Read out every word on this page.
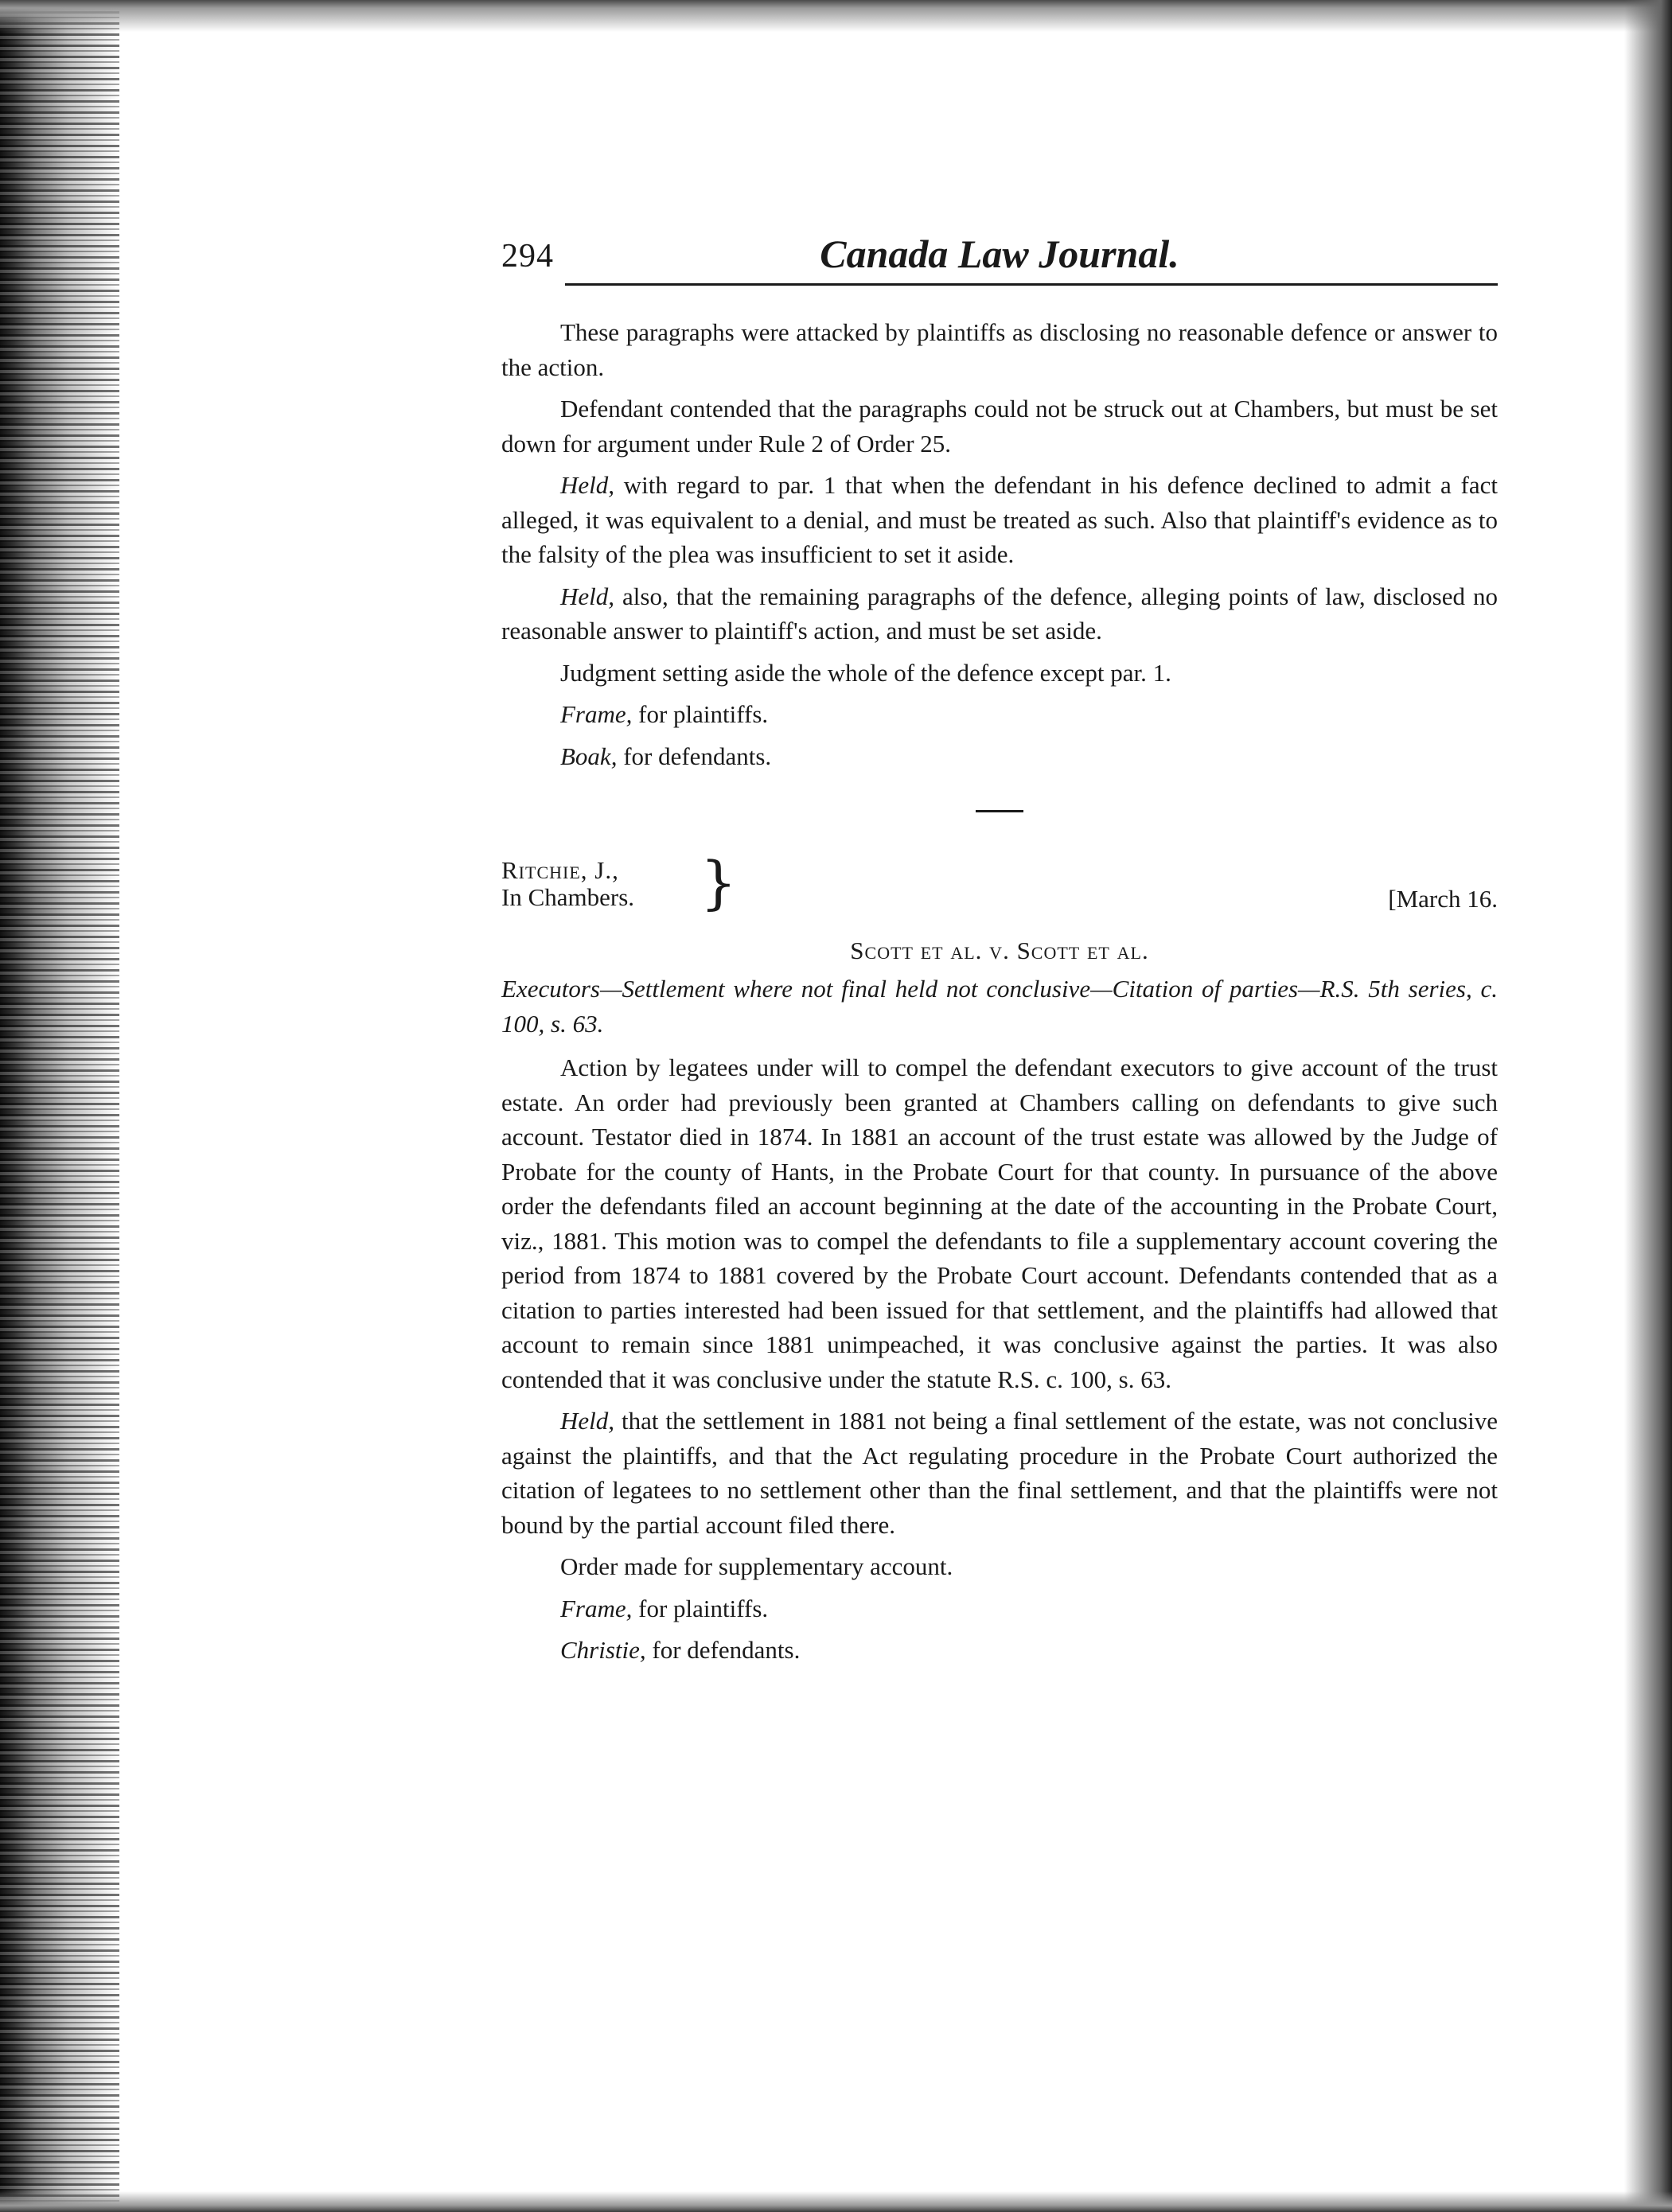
294	Canada Law Journal.

These paragraphs were attacked by plaintiffs as disclosing no reasonable defence or answer to the action.

Defendant contended that the paragraphs could not be struck out at Chambers, but must be set down for argument under Rule 2 of Order 25.

Held, with regard to par. 1 that when the defendant in his defence declined to admit a fact alleged, it was equivalent to a denial, and must be treated as such. Also that plaintiff's evidence as to the falsity of the plea was insufficient to set it aside.

Held, also, that the remaining paragraphs of the defence, alleging points of law, disclosed no reasonable answer to plaintiff's action, and must be set aside.

Judgment setting aside the whole of the defence except par. 1.

Frame, for plaintiffs.

Boak, for defendants.

Ritchie, J.,
In Chambers. }	[March 16.
Scott et al. v. Scott et al.
Executors—Settlement where not final held not conclusive—Citation of parties—R.S. 5th series, c. 100, s. 63.

Action by legatees under will to compel the defendant executors to give account of the trust estate. An order had previously been granted at Chambers calling on defendants to give such account. Testator died in 1874. In 1881 an account of the trust estate was allowed by the Judge of Probate for the county of Hants, in the Probate Court for that county. In pursuance of the above order the defendants filed an account beginning at the date of the accounting in the Probate Court, viz., 1881. This motion was to compel the defendants to file a supplementary account covering the period from 1874 to 1881 covered by the Probate Court account. Defendants contended that as a citation to parties interested had been issued for that settlement, and the plaintiffs had allowed that account to remain since 1881 unimpeached, it was conclusive against the parties. It was also contended that it was conclusive under the statute R.S. c. 100, s. 63.

Held, that the settlement in 1881 not being a final settlement of the estate, was not conclusive against the plaintiffs, and that the Act regulating procedure in the Probate Court authorized the citation of legatees to no settlement other than the final settlement, and that the plaintiffs were not bound by the partial account filed there.

Order made for supplementary account.

Frame, for plaintiffs.

Christie, for defendants.
